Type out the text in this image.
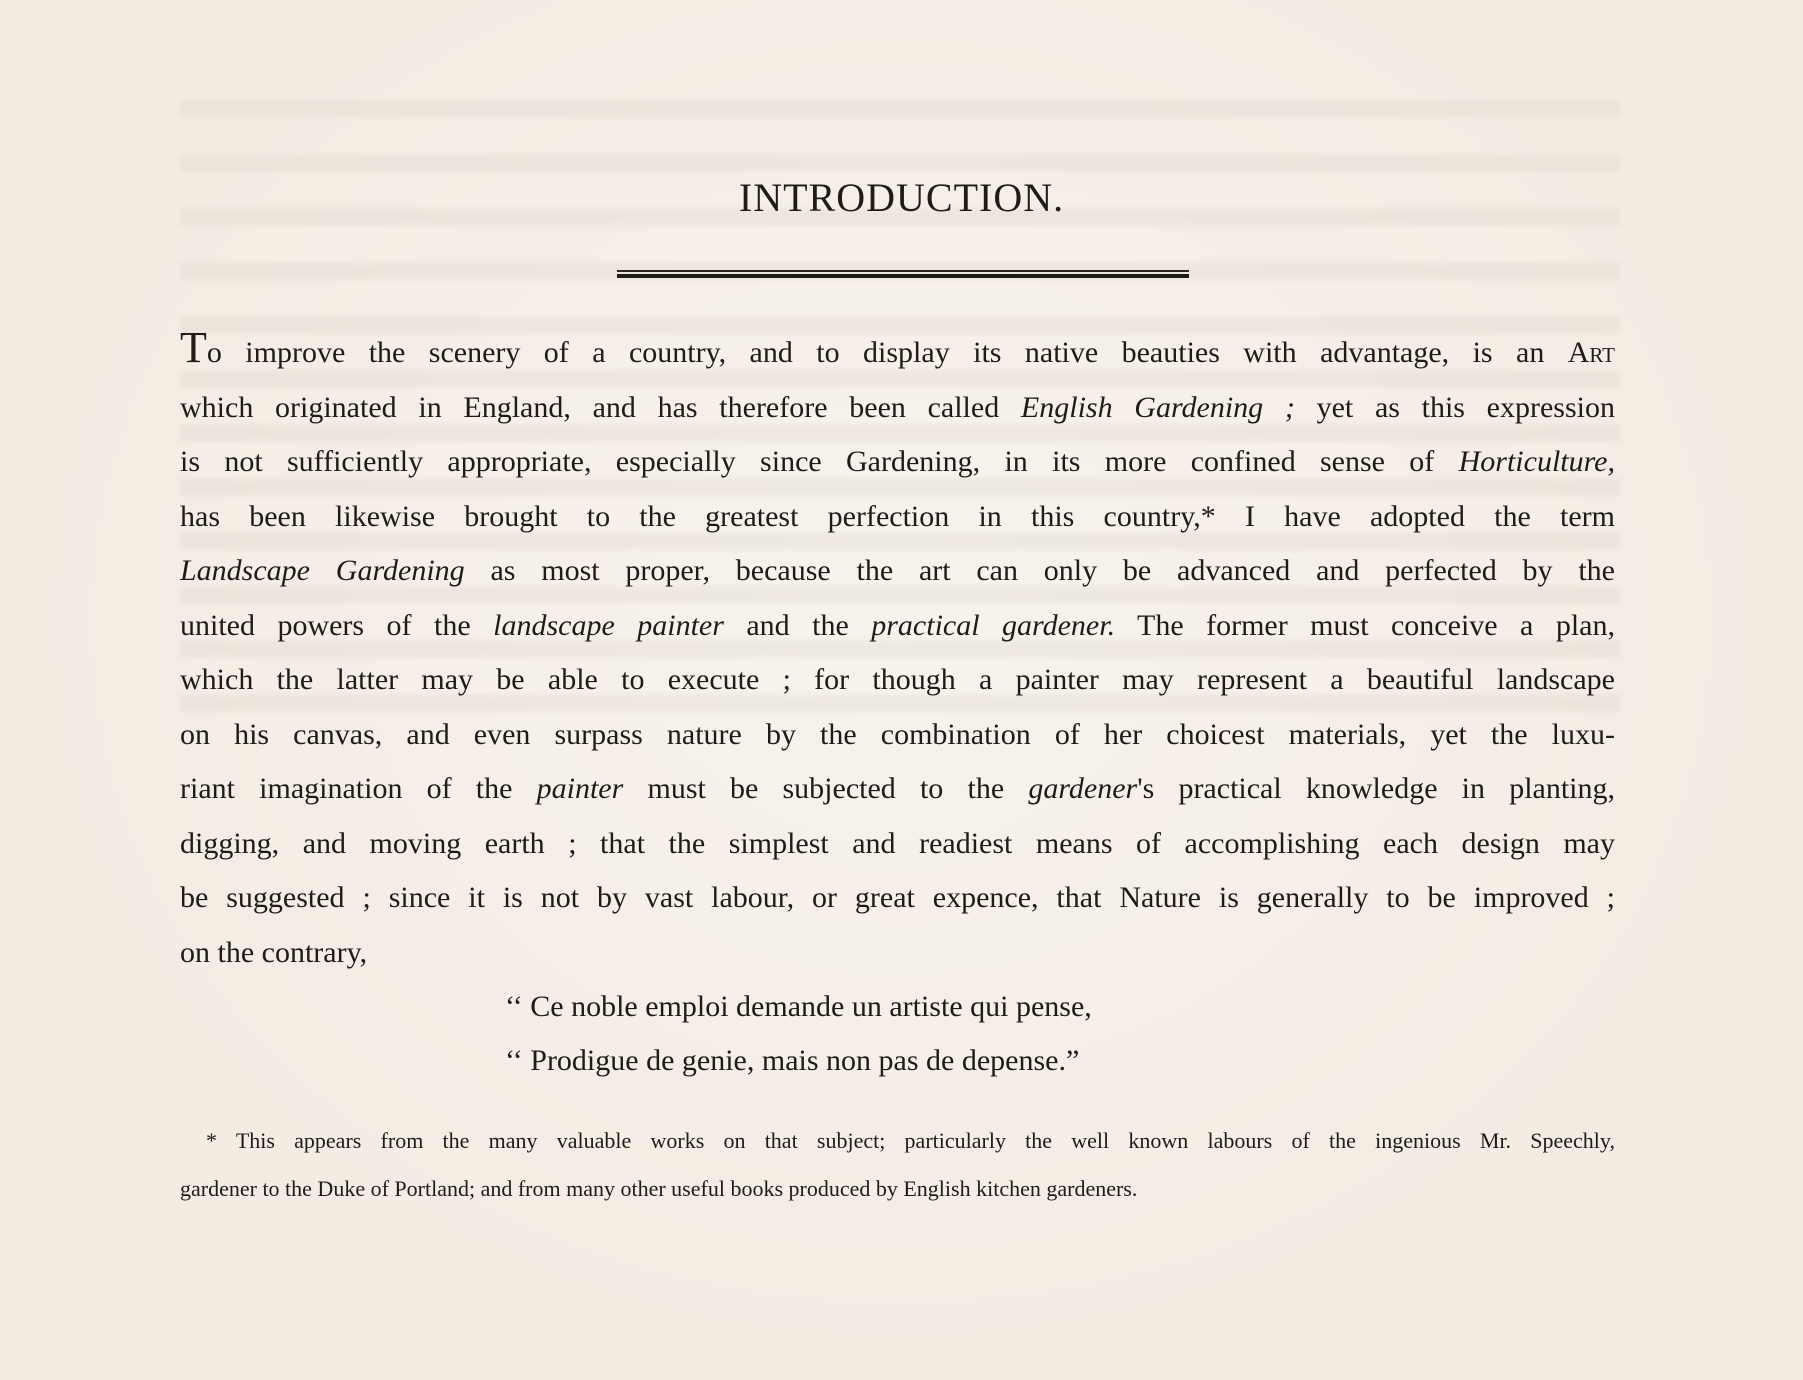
INTRODUCTION.
To improve the scenery of a country, and to display its native beauties with advantage, is an Art
which originated in England, and has therefore been called English Gardening ; yet as this expression
is not sufficiently appropriate, especially since Gardening, in its more confined sense of Horticulture,
has been likewise brought to the greatest perfection in this country,* I have adopted the term
Landscape Gardening as most proper, because the art can only be advanced and perfected by the
united powers of the landscape painter and the practical gardener. The former must conceive a plan,
which the latter may be able to execute ; for though a painter may represent a beautiful landscape
on his canvas, and even surpass nature by the combination of her choicest materials, yet the luxu-
riant imagination of the painter must be subjected to the gardener's practical knowledge in planting,
digging, and moving earth ; that the simplest and readiest means of accomplishing each design may
be suggested ; since it is not by vast labour, or great expence, that Nature is generally to be improved ;
on the contrary,
‘‘ Ce noble emploi demande un artiste qui pense,
‘‘ Prodigue de genie, mais non pas de depense.”
* This appears from the many valuable works on that subject; particularly the well known labours of the ingenious Mr. Speechly,
gardener to the Duke of Portland; and from many other useful books produced by English kitchen gardeners.
